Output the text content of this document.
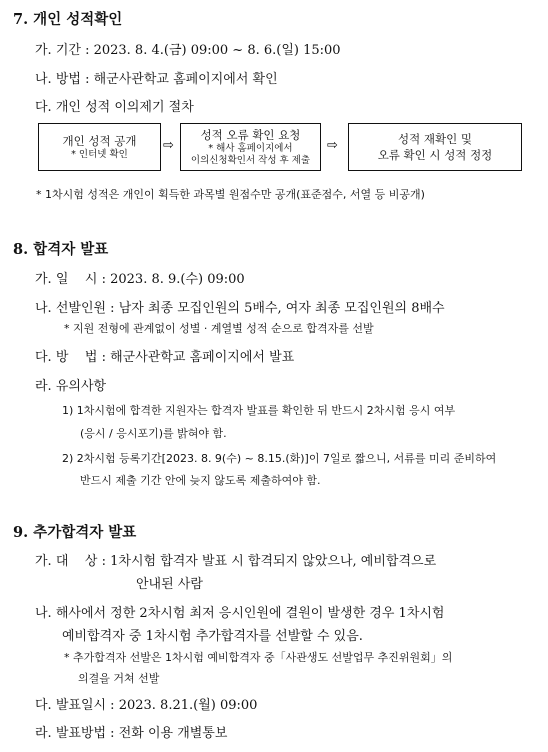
7. 개인 성적확인
가. 기간 : 2023. 8. 4.(금) 09:00 ~ 8. 6.(일) 15:00
나. 방법 : 해군사관학교 홈페이지에서 확인
다. 개인 성적 이의제기 절차
개인 성적 공개
* 인터넷 확인
⇨
성적 오류 확인 요청
* 해사 홈페이지에서
이의신청확인서 작성 후 제출
⇨	성적 재확인 및
오류 확인 시 성적 정정
* 1차시험 성적은 개인이 획득한 과목별 원점수만 공개(표준점수, 서열 등 비공개)
8. 합격자 발표
가. 일    시 : 2023. 8. 9.(수) 09:00
나. 선발인원 : 남자 최종 모집인원의 5배수, 여자 최종 모집인원의 8배수
* 지원 전형에 관계없이 성별 · 계열별 성적 순으로 합격자를 선발
다. 방    법 : 해군사관학교 홈페이지에서 발표
라. 유의사항
1) 1차시험에 합격한 지원자는 합격자 발표를 확인한 뒤 반드시 2차시험 응시 여부
(응시 / 응시포기)를 밝혀야 함.
2) 2차시험 등록기간[2023. 8. 9(수) ~ 8.15.(화)]이 7일로 짧으니, 서류를 미리 준비하여
반드시 제출 기간 안에 늦지 않도록 제출하여야 함.
9. 추가합격자 발표
가. 대    상 : 1차시험 합격자 발표 시 합격되지 않았으나, 예비합격으로
안내된 사람
나. 해사에서 정한 2차시험 최저 응시인원에 결원이 발생한 경우 1차시험
예비합격자 중 1차시험 추가합격자를 선발할 수 있음.
* 추가합격자 선발은 1차시험 예비합격자 중「사관생도 선발업무 추진위원회」의
의결을 거쳐 선발
다. 발표일시 : 2023. 8.21.(월) 09:00
라. 발표방법 : 전화 이용 개별통보
